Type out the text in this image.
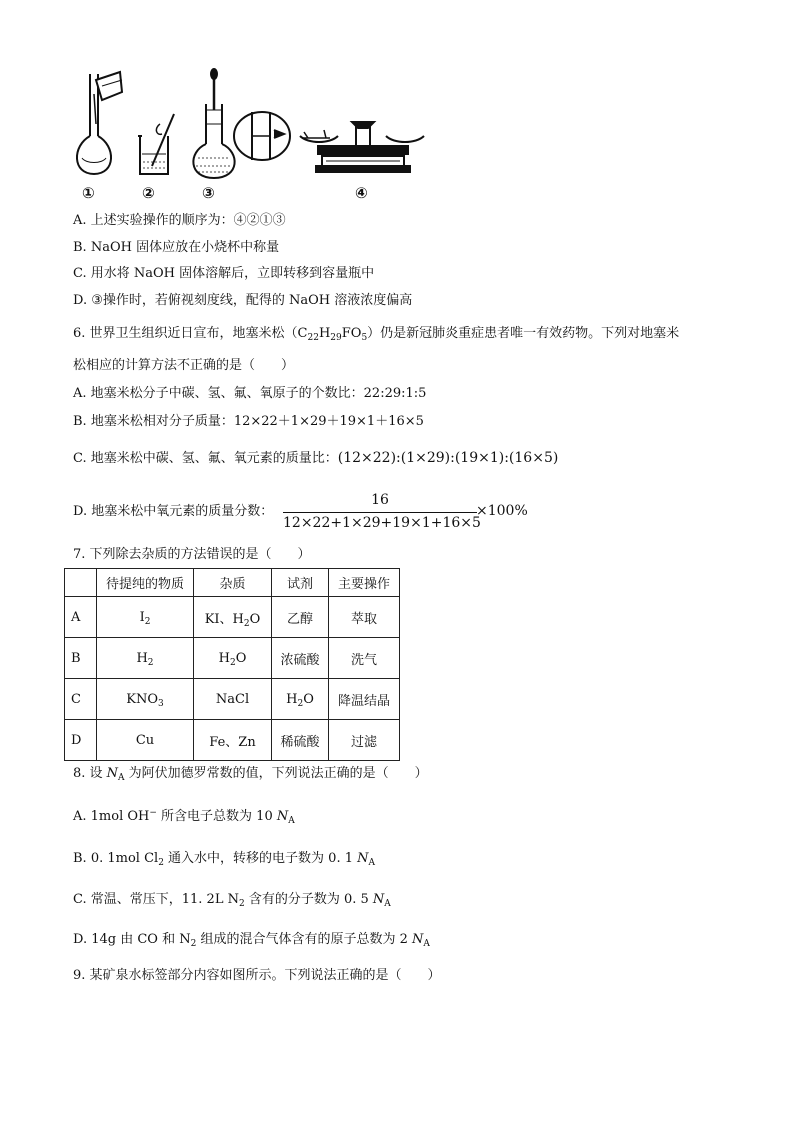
①	②	③	④
A. 上述实验操作的顺序为：④②①③
B. NaOH 固体应放在小烧杯中称量
C. 用水将 NaOH 固体溶解后，立即转移到容量瓶中
D. ③操作时，若俯视刻度线，配得的 NaOH 溶液浓度偏高
6. 世界卫生组织近日宣布，地塞米松$(C_{22}H_{29}FO_5)$仍是新冠肺炎重症患者唯一有效药物。下列对地塞米
松相应的计算方法不正确的是（　　）
A. 地塞米松分子中碳、氢、氟、氧原子的个数比：22:29:1:5
B. 地塞米松相对分子质量：12×22＋1×29＋19×1＋16×5
C. 地塞米松中碳、氢、氟、氧元素的质量比：(12×22):(1×29):(19×1):(16×5)
D. 地塞米松中氧元素的质量分数：
16
12×22+1×29+19×1+16×5
×100%
7. 下列除去杂质的方法错误的是（　　）
	待提纯的物质	杂质	试剂	主要操作
A	$I_2$	KI、$H_2O$	乙醇	萃取
B	$H_2$	$H_2O$	浓硫酸	洗气
C	$KNO_3$	NaCl	$H_2O$	降温结晶
D	Cu	Fe、Zn	稀硫酸	过滤
8. 设 $N_A$ 为阿伏加德罗常数的值，下列说法正确的是（　　）
A. 1mol OH− 所含电子总数为 10 $N_A$
B. 0. 1mol $Cl_2$ 通入水中，转移的电子数为 0. 1 $N_A$
C. 常温、常压下，11. 2L $N_2$ 含有的分子数为 0. 5 $N_A$
D. 14g 由 CO 和 $N_2$ 组成的混合气体含有的原子总数为 2 $N_A$
9. 某矿泉水标签部分内容如图所示。下列说法正确的是（　　）
